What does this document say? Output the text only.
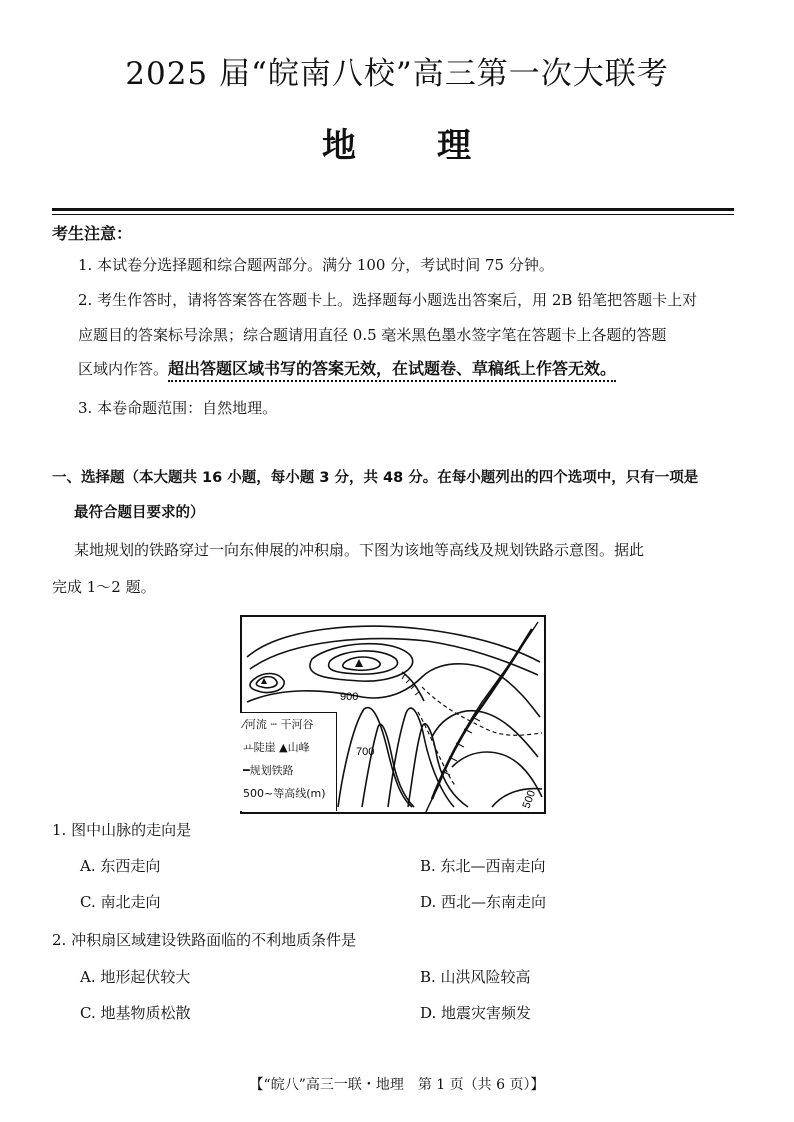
2025 届“皖南八校”高三第一次大联考
地 理
考生注意：
1. 本试卷分选择题和综合题两部分。满分 100 分，考试时间 75 分钟。
2. 考生作答时，请将答案答在答题卡上。选择题每小题选出答案后，用 2B 铅笔把答题卡上对
应题目的答案标号涂黑；综合题请用直径 0.5 毫米黑色墨水签字笔在答题卡上各题的答题
区域内作答。超出答题区域书写的答案无效，在试题卷、草稿纸上作答无效。
3. 本卷命题范围：自然地理。
一、选择题（本大题共 16 小题，每小题 3 分，共 48 分。在每小题列出的四个选项中，只有一项是
最符合题目要求的）
某地规划的铁路穿过一向东伸展的冲积扇。下图为该地等高线及规划铁路示意图。据此
完成 1～2 题。
900
700
500
⁄河流 ┄ 干河谷
ㅛ陡崖 ▲山峰
━规划铁路
500~等高线(m)
1. 图中山脉的走向是
A. 东西走向	B. 东北—西南走向
C. 南北走向	D. 西北—东南走向
2. 冲积扇区域建设铁路面临的不利地质条件是
A. 地形起伏较大	B. 山洪风险较高
C. 地基物质松散	D. 地震灾害频发
【“皖八”高三一联・地理　第 1 页（共 6 页）】
